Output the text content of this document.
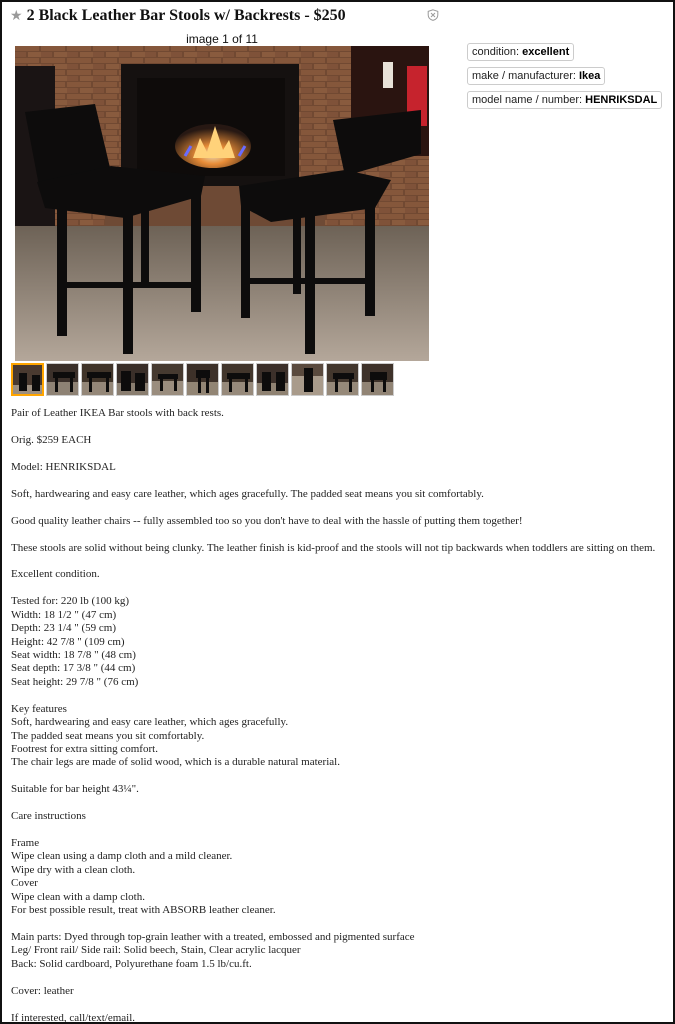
★ 2 Black Leather Bar Stools w/ Backrests - $250
image 1 of 11
condition: excellent
make / manufacturer: Ikea
model name / number: HENRIKSDAL

Pair of Leather IKEA Bar stools with back rests.

Orig. $259 EACH

Model: HENRIKSDAL

Soft, hardwearing and easy care leather, which ages gracefully. The padded seat means you sit comfortably.

Good quality leather chairs -- fully assembled too so you don't have to deal with the hassle of putting them together!

These stools are solid without being clunky. The leather finish is kid-proof and the stools will not tip backwards when toddlers are sitting on them.

Excellent condition.

Tested for: 220 lb (100 kg)
Width: 18 1/2 " (47 cm)
Depth: 23 1/4 " (59 cm)
Height: 42 7/8 " (109 cm)
Seat width: 18 7/8 " (48 cm)
Seat depth: 17 3/8 " (44 cm)
Seat height: 29 7/8 " (76 cm)

Key features
Soft, hardwearing and easy care leather, which ages gracefully.
The padded seat means you sit comfortably.
Footrest for extra sitting comfort.
The chair legs are made of solid wood, which is a durable natural material.

Suitable for bar height 43¼".

Care instructions

Frame
Wipe clean using a damp cloth and a mild cleaner.
Wipe dry with a clean cloth.
Cover
Wipe clean with a damp cloth.
For best possible result, treat with ABSORB leather cleaner.

Main parts: Dyed through top-grain leather with a treated, embossed and pigmented surface
Leg/ Front rail/ Side rail: Solid beech, Stain, Clear acrylic lacquer
Back: Solid cardboard, Polyurethane foam 1.5 lb/cu.ft.

Cover: leather

If interested, call/text/email.
